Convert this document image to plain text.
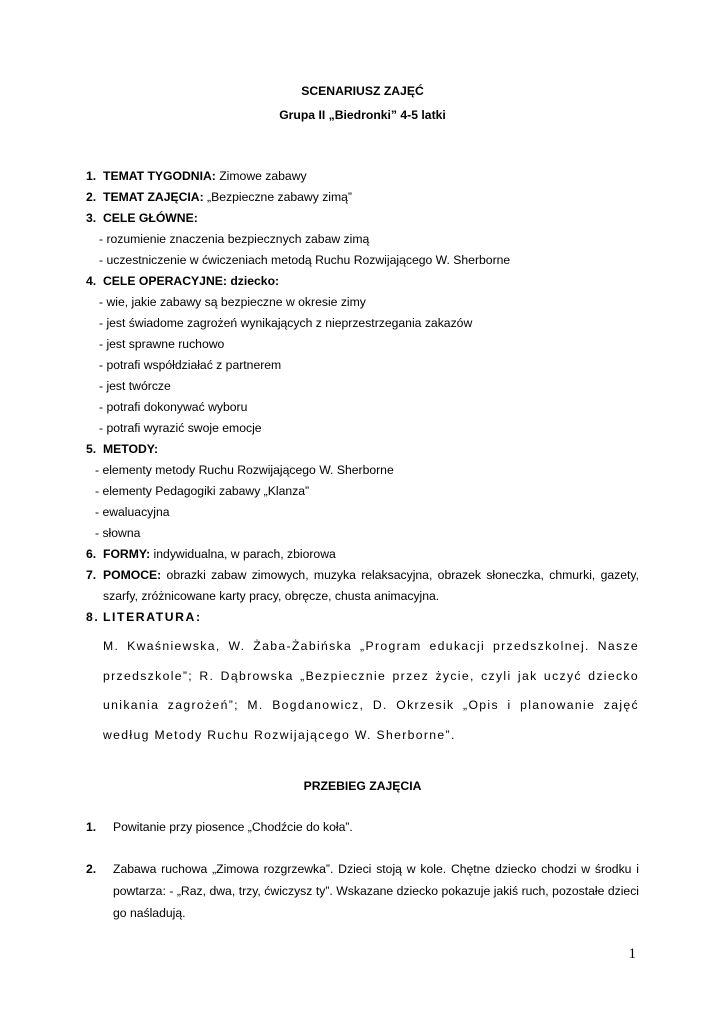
SCENARIUSZ ZAJĘĆ
Grupa II „Biedronki” 4-5 latki
1. TEMAT TYGODNIA: Zimowe zabawy
2. TEMAT ZAJĘCIA: „Bezpieczne zabawy zimą”
3. CELE GŁÓWNE:
- rozumienie znaczenia bezpiecznych zabaw zimą
- uczestniczenie w ćwiczeniach metodą Ruchu Rozwijającego W. Sherborne
4. CELE OPERACYJNE: dziecko:
- wie, jakie zabawy są bezpieczne w okresie zimy
- jest świadome zagrożeń wynikających z nieprzestrzegania zakazów
- jest sprawne ruchowo
- potrafi współdziałać z partnerem
- jest twórcze
- potrafi dokonywać wyboru
- potrafi wyrazić swoje emocje
5. METODY:
- elementy metody Ruchu Rozwijającego W. Sherborne
- elementy Pedagogiki zabawy „Klanza”
- ewaluacyjna
- słowna
6. FORMY: indywidualna, w parach, zbiorowa
7. POMOCE: obrazki zabaw zimowych, muzyka relaksacyjna, obrazek słoneczka, chmurki, gazety,
szarfy, zróżnicowane karty pracy, obręcze, chusta animacyjna.
8. LITERATURA:
M. Kwaśniewska, W. Żaba-Żabińska „Program edukacji przedszkolnej. Nasze
przedszkole”; R. Dąbrowska „Bezpiecznie przez życie, czyli jak uczyć dziecko
unikania zagrożeń”; M. Bogdanowicz, D. Okrzesik „Opis i planowanie zajęć
według Metody Ruchu Rozwijającego W. Sherborne”.
PRZEBIEG ZAJĘCIA
1. Powitanie przy piosence „Chodźcie do koła”.
2. Zabawa ruchowa „Zimowa rozgrzewka”. Dzieci stoją w kole. Chętne dziecko chodzi w środku i
powtarza: - „Raz, dwa, trzy, ćwiczysz ty”. Wskazane dziecko pokazuje jakiś ruch, pozostałe dzieci
go naśladują.
1
